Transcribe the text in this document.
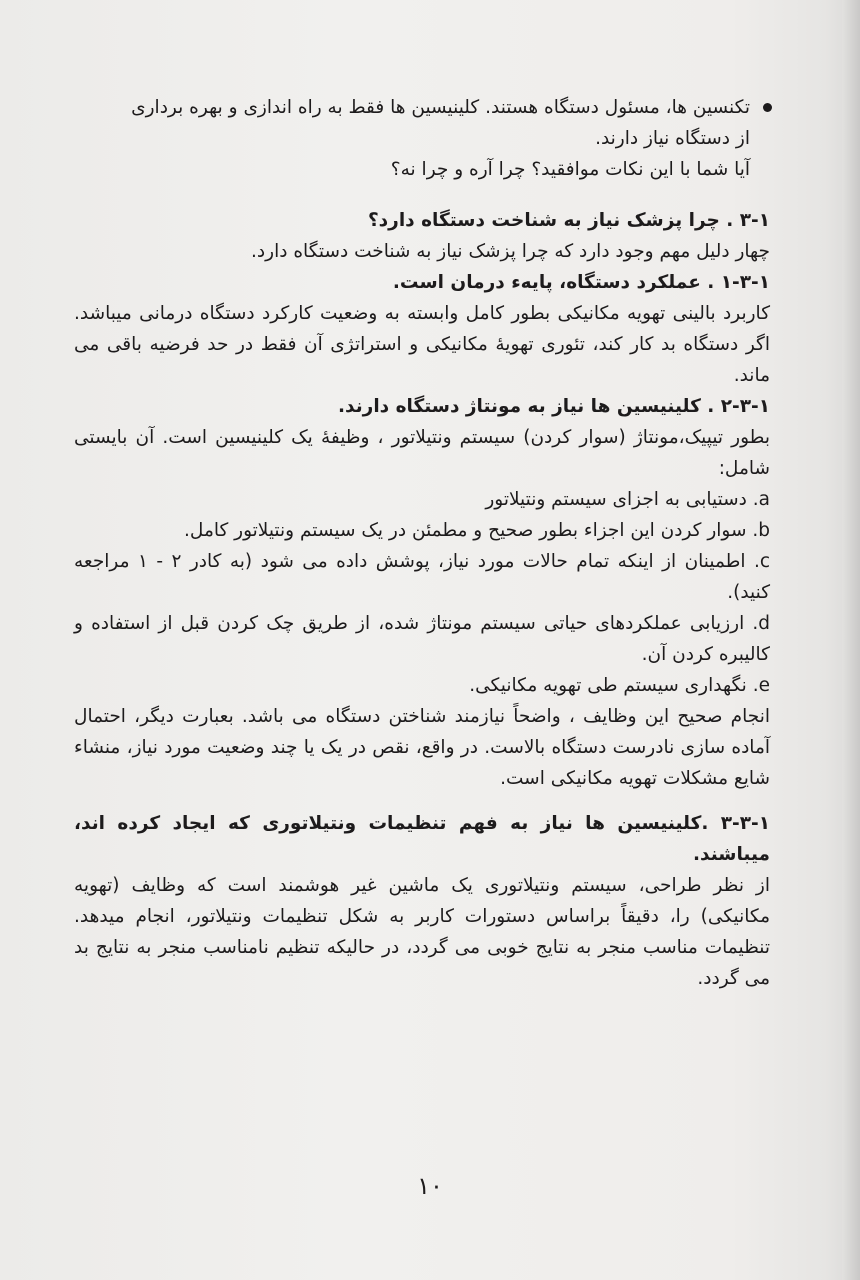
تکنسین ها، مسئول دستگاه هستند. کلینیسین ها فقط به راه اندازی و بهره برداری

از دستگاه نیاز دارند.

آیا شما با این نکات موافقید؟ چرا آره و چرا نه؟

۳-۱ . چرا پزشک نیاز به شناخت دستگاه دارد؟

چهار دلیل مهم وجود دارد که چرا پزشک نیاز به شناخت دستگاه دارد.

۱-۳-۱ . عملکرد دستگاه، پایهء درمان است.

کاربرد بالینی تهویه مکانیکی بطور کامل وابسته به وضعیت کارکرد دستگاه درمانی میباشد. اگر دستگاه بد کار کند، تئوری تهویهٔ مکانیکی و استراتژی آن فقط در حد فرضیه باقی می ماند.

۲-۳-۱ . کلینیسین ها نیاز به مونتاژ دستگاه دارند.

بطور تیپیک،مونتاژ (سوار کردن) سیستم ونتیلاتور ، وظیفهٔ یک کلینیسین است. آن بایستی شامل:

a. دستیابی به اجزای سیستم ونتیلاتور

b. سوار کردن این اجزاء بطور صحیح و مطمئن در یک سیستم ونتیلاتور کامل.

c. اطمینان از اینکه تمام حالات مورد نیاز، پوشش داده می شود (به کادر ۲ - ۱ مراجعه کنید).

d. ارزیابی عملکردهای حیاتی سیستم مونتاژ شده، از طریق چک کردن قبل از استفاده و کالیبره کردن آن.

e. نگهداری سیستم طی تهویه مکانیکی.

انجام صحیح این وظایف ، واضحاً نیازمند شناختن دستگاه می باشد. بعبارت دیگر، احتمال آماده سازی نادرست دستگاه بالاست. در واقع، نقص در یک یا چند وضعیت مورد نیاز، منشاء شایع مشکلات تهویه مکانیکی است.

۳-۳-۱ .کلینیسین ها نیاز به فهم تنظیمات ونتیلاتوری که ایجاد کرده اند، میباشند.

از نظر طراحی، سیستم ونتیلاتوری یک ماشین غیر هوشمند است که وظایف (تهویه مکانیکی) را، دقیقاً براساس دستورات کاربر به شکل تنظیمات ونتیلاتور، انجام میدهد. تنظیمات مناسب منجر به نتایج خوبی می گردد، در حالیکه تنظیم نامناسب منجر به نتایج بد می گردد.

۱۰
